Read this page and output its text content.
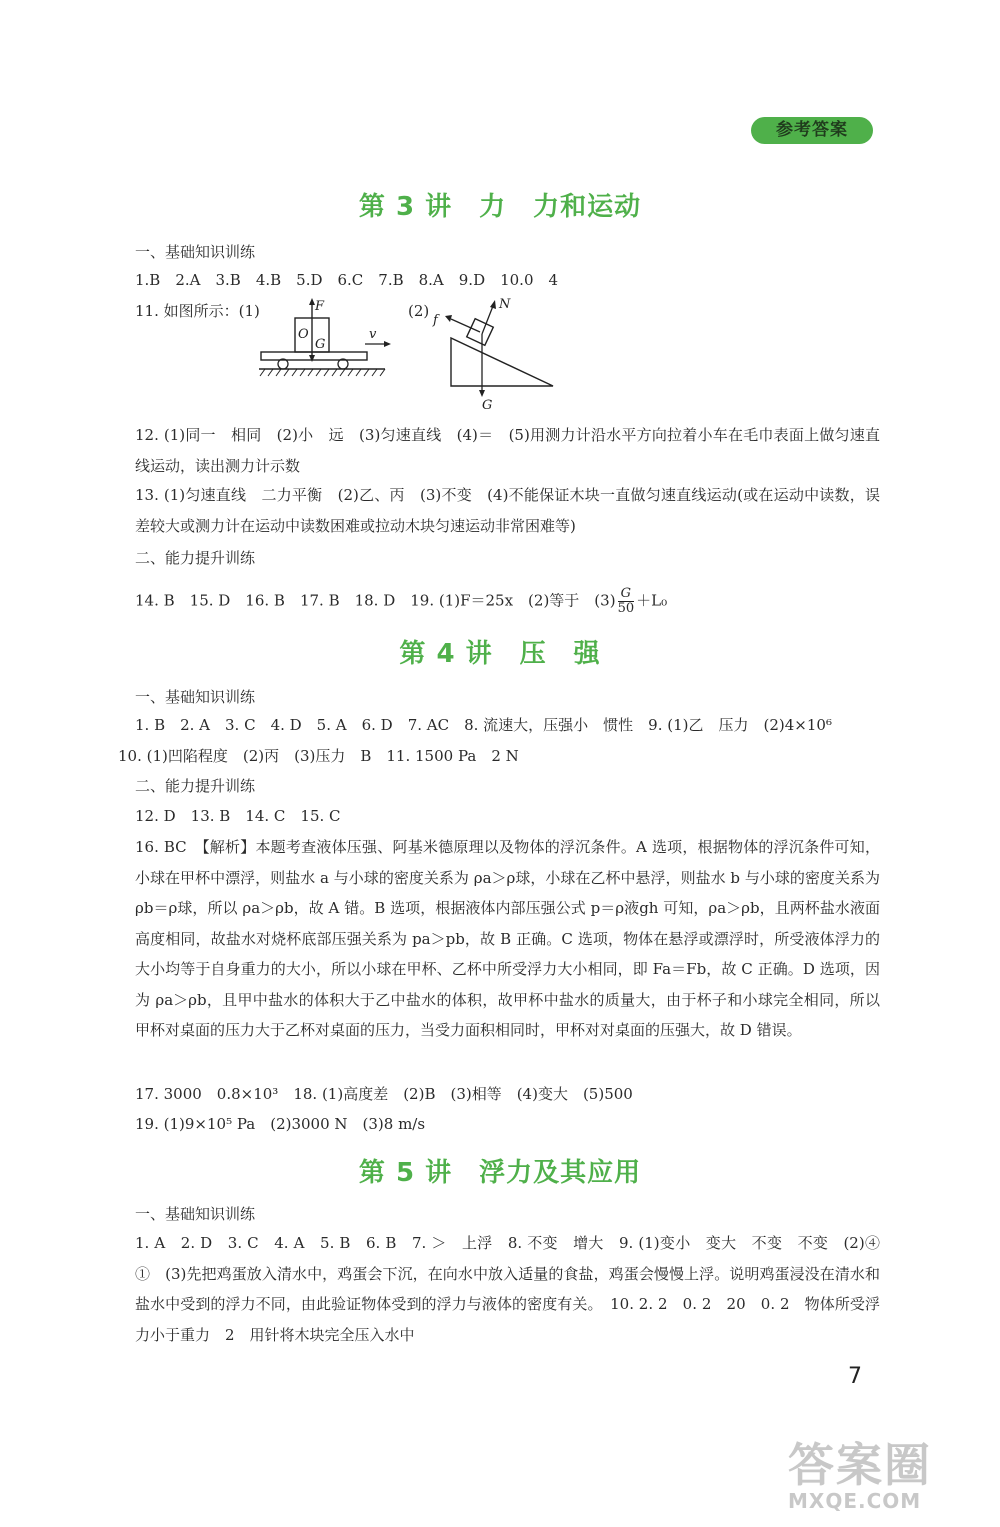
参考答案
第 3 讲　力　力和运动
一、基础知识训练
1.B　2.A　3.B　4.B　5.D　6.C　7.B　8.A　9.D　10.0　4
11. 如图所示：(1)	(2)
F
O
G
v
N
f
G
12. (1)同一　相同　(2)小　远　(3)匀速直线　(4)＝　(5)用测力计沿水平方向拉着小车在毛巾表面上做匀速直线运动，读出测力计示数
13. (1)匀速直线　二力平衡　(2)乙、丙　(3)不变　(4)不能保证木块一直做匀速直线运动(或在运动中读数，误差较大或测力计在运动中读数困难或拉动木块匀速运动非常困难等)
二、能力提升训练
14. B　15. D　16. B　17. B　18. D　19. (1)F＝25x　(2)等于　$(3) \frac{G}{50} +L_0$
第 4 讲　压　强
一、基础知识训练
1. B　2. A　3. C　4. D　5. A　6. D　7. AC　8. 流速大，压强小　惯性　9. (1)乙　压力　(2)4×10⁶
10. (1)凹陷程度　(2)丙　(3)压力　B　11. 1500 Pa　2 N
二、能力提升训练
12. D　13. B　14. C　15. C
16. BC　【解析】本题考查液体压强、阿基米德原理以及物体的浮沉条件。A 选项，根据物体的浮沉条件可知，小球在甲杯中漂浮，则盐水 a 与小球的密度关系为 ρa＞ρ球，小球在乙杯中悬浮，则盐水 b 与小球的密度关系为 ρb＝ρ球，所以 ρa＞ρb，故 A 错。B 选项，根据液体内部压强公式 p＝ρ液gh 可知，ρa＞ρb，且两杯盐水液面高度相同，故盐水对烧杯底部压强关系为 pa＞pb，故 B 正确。C 选项，物体在悬浮或漂浮时，所受液体浮力的大小均等于自身重力的大小，所以小球在甲杯、乙杯中所受浮力大小相同，即 Fa＝Fb，故 C 正确。D 选项，因为 ρa＞ρb，且甲中盐水的体积大于乙中盐水的体积，故甲杯中盐水的质量大，由于杯子和小球完全相同，所以甲杯对桌面的压力大于乙杯对桌面的压力，当受力面积相同时，甲杯对对桌面的压强大，故 D 错误。
17. 3000　0.8×10³　18. (1)高度差　(2)B　(3)相等　(4)变大　(5)500
19. (1)9×10⁵ Pa　(2)3000 N　(3)8 m/s
第 5 讲　浮力及其应用
一、基础知识训练
1. A　2. D　3. C　4. A　5. B　6. B　7. ＞　上浮　8. 不变　增大　9. (1)变小　变大　不变　不变　(2)④　①　(3)先把鸡蛋放入清水中，鸡蛋会下沉，在向水中放入适量的食盐，鸡蛋会慢慢上浮。说明鸡蛋浸没在清水和盐水中受到的浮力不同，由此验证物体受到的浮力与液体的密度有关。　10. 2. 2　0. 2　20　0. 2　物体所受浮力小于重力　2　用针将木块完全压入水中
7
答案圈
MXQE.COM
